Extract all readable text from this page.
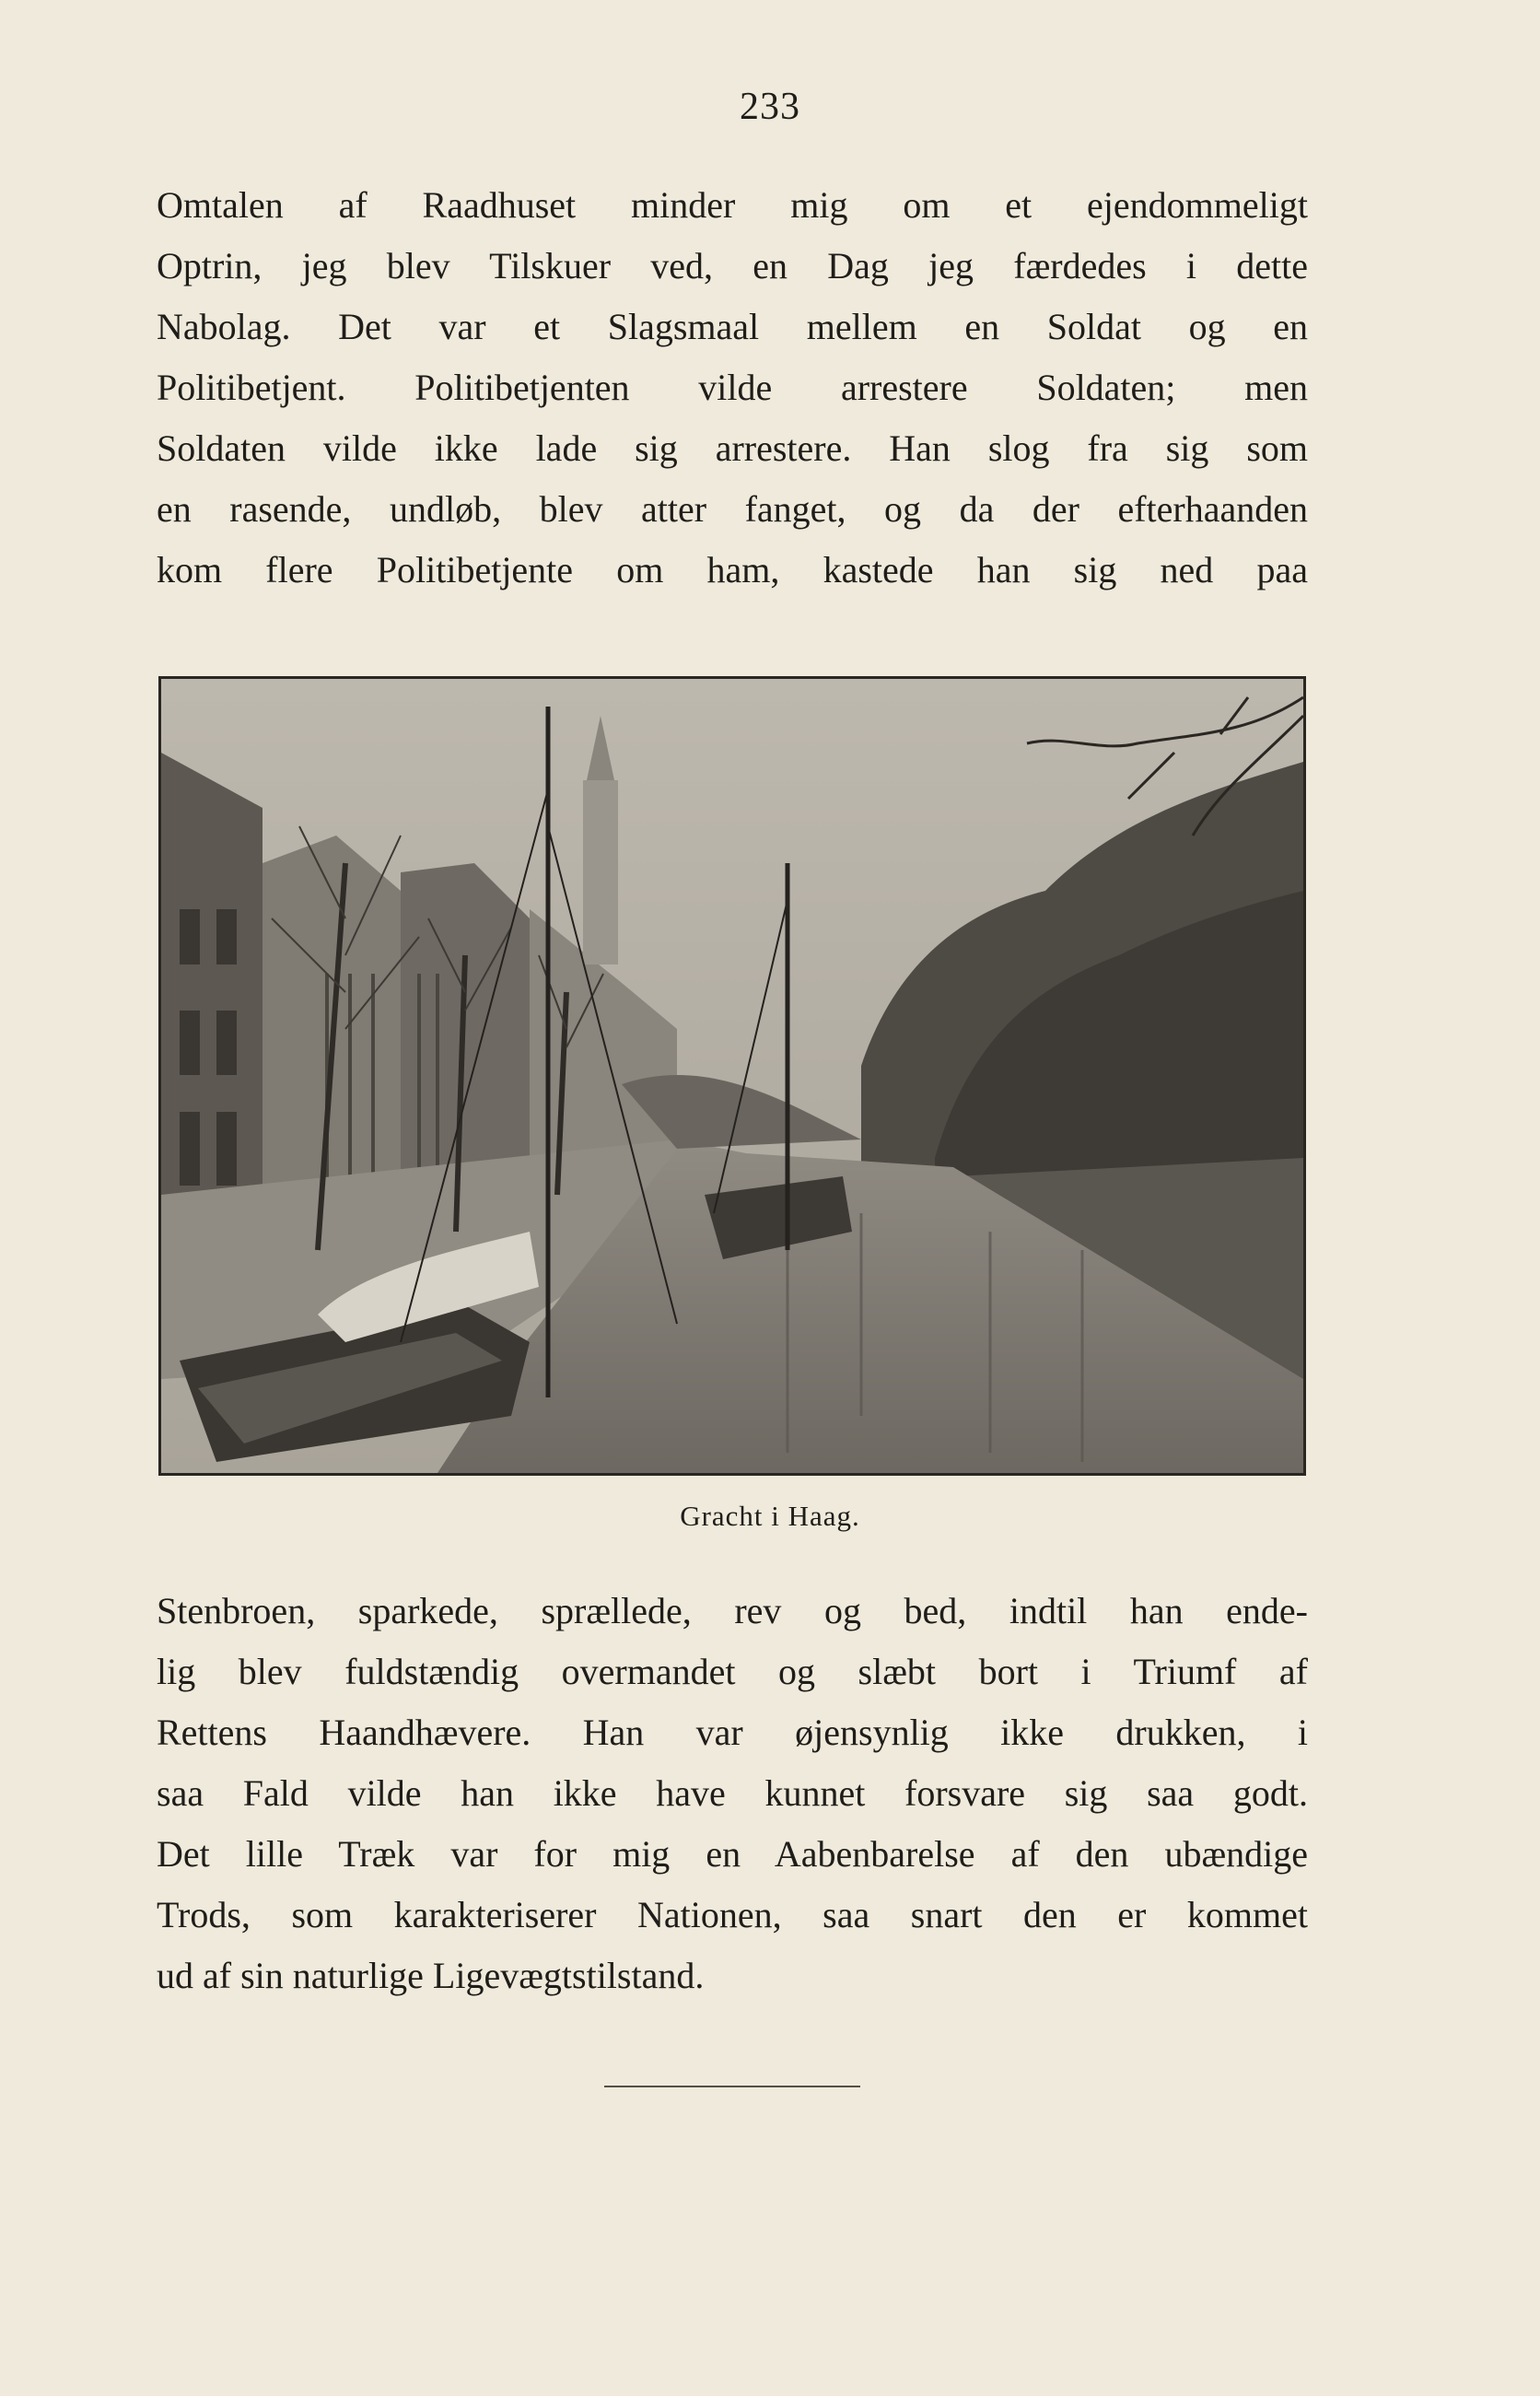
233
Omtalen af Raadhuset minder mig om et ejendommeligt
Optrin, jeg blev Tilskuer ved, en Dag jeg færdedes i dette
Nabolag. Det var et Slagsmaal mellem en Soldat og en
Politibetjent. Politibetjenten vilde arrestere Soldaten; men
Soldaten vilde ikke lade sig arrestere. Han slog fra sig som
en rasende, undløb, blev atter fanget, og da der efterhaanden
kom flere Politibetjente om ham, kastede han sig ned paa
Gracht i Haag.
Stenbroen, sparkede, sprællede, rev og bed, indtil han ende-
lig blev fuldstændig overmandet og slæbt bort i Triumf af
Rettens Haandhævere. Han var øjensynlig ikke drukken, i
saa Fald vilde han ikke have kunnet forsvare sig saa godt.
Det lille Træk var for mig en Aabenbarelse af den ubændige
Trods, som karakteriserer Nationen, saa snart den er kommet
ud af sin naturlige Ligevægtstilstand.
